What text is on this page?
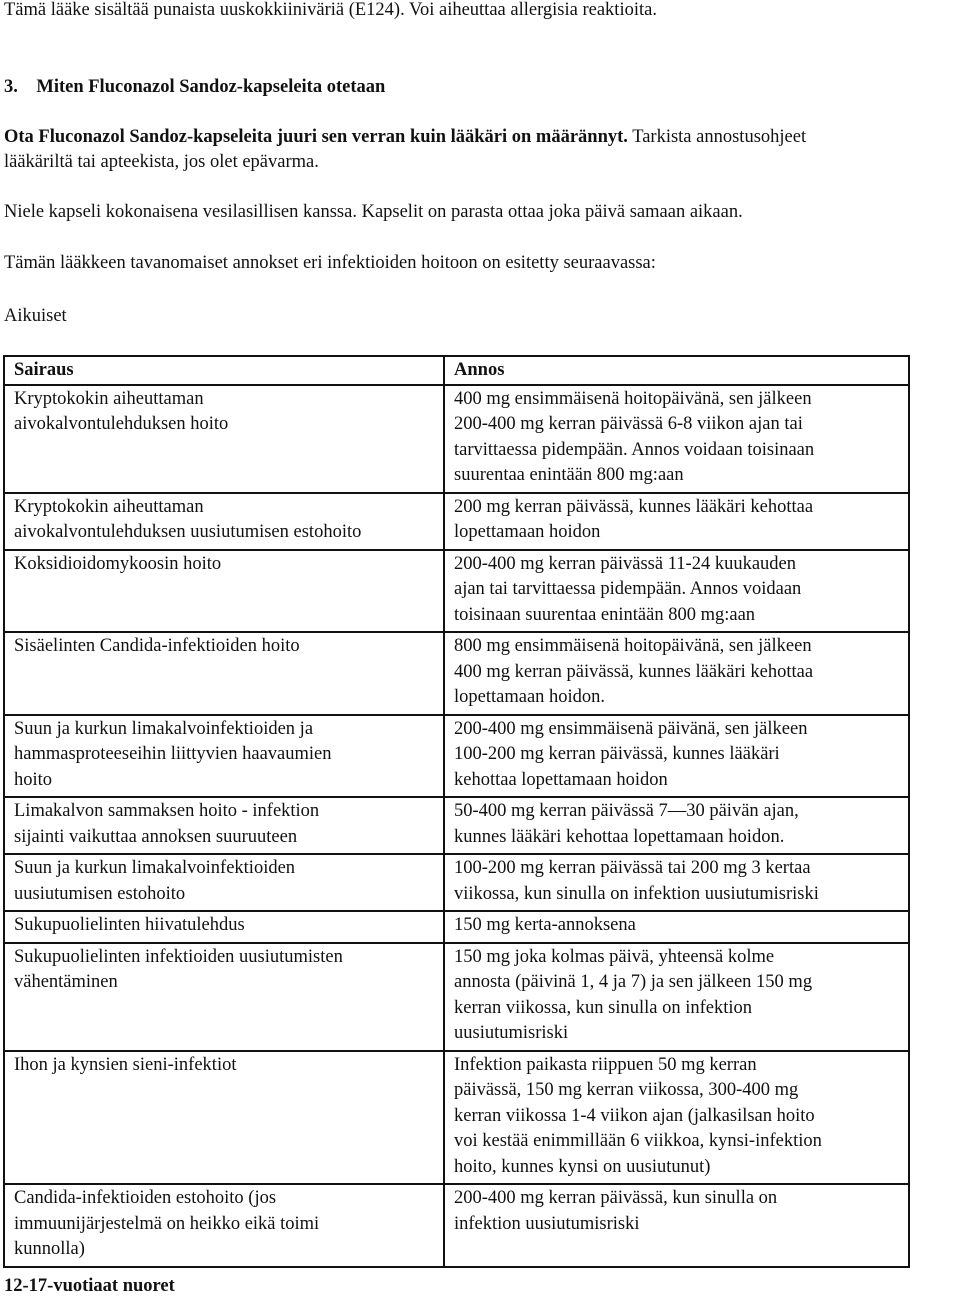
Tämä lääke sisältää punaista uuskokkiiniväriä (E124). Voi aiheuttaa allergisia reaktioita.
3.    Miten Fluconazol Sandoz-kapseleita otetaan
Ota Fluconazol Sandoz-kapseleita juuri sen verran kuin lääkäri on määrännyt. Tarkista annostusohjeet
lääkäriltä tai apteekista, jos olet epävarma.
Niele kapseli kokonaisena vesilasillisen kanssa. Kapselit on parasta ottaa joka päivä samaan aikaan.
Tämän lääkkeen tavanomaiset annokset eri infektioiden hoitoon on esitetty seuraavassa:
Aikuiset
Sairaus	Annos

Kryptokokin aiheuttaman
aivokalvontulehduksen hoito	400 mg ensimmäisenä hoitopäivänä, sen jälkeen
200-400 mg kerran päivässä 6-8 viikon ajan tai
tarvittaessa pidempään. Annos voidaan toisinaan
suurentaa enintään 800 mg:aan

Kryptokokin aiheuttaman
aivokalvontulehduksen uusiutumisen estohoito	200 mg kerran päivässä, kunnes lääkäri kehottaa
lopettamaan hoidon

Koksidioidomykoosin hoito	200-400 mg kerran päivässä 11-24 kuukauden
ajan tai tarvittaessa pidempään. Annos voidaan
toisinaan suurentaa enintään 800 mg:aan

Sisäelinten Candida-infektioiden hoito	800 mg ensimmäisenä hoitopäivänä, sen jälkeen
400 mg kerran päivässä, kunnes lääkäri kehottaa
lopettamaan hoidon.

Suun ja kurkun limakalvoinfektioiden ja
hammasproteeseihin liittyvien haavaumien
hoito	200-400 mg ensimmäisenä päivänä, sen jälkeen
100-200 mg kerran päivässä, kunnes lääkäri
kehottaa lopettamaan hoidon

Limakalvon sammaksen hoito - infektion
sijainti vaikuttaa annoksen suuruuteen	50-400 mg kerran päivässä 7—30 päivän ajan,
kunnes lääkäri kehottaa lopettamaan hoidon.

Suun ja kurkun limakalvoinfektioiden
uusiutumisen estohoito	100-200 mg kerran päivässä tai 200 mg 3 kertaa
viikossa, kun sinulla on infektion uusiutumisriski

Sukupuolielinten hiivatulehdus	150 mg kerta-annoksena

Sukupuolielinten infektioiden uusiutumisten
vähentäminen	150 mg joka kolmas päivä, yhteensä kolme
annosta (päivinä 1, 4 ja 7) ja sen jälkeen 150 mg
kerran viikossa, kun sinulla on infektion
uusiutumisriski

Ihon ja kynsien sieni-infektiot	Infektion paikasta riippuen 50 mg kerran
päivässä, 150 mg kerran viikossa, 300-400 mg
kerran viikossa 1-4 viikon ajan (jalkasilsan hoito
voi kestää enimmillään 6 viikkoa, kynsi-infektion
hoito, kunnes kynsi on uusiutunut)

Candida-infektioiden estohoito (jos
immuunijärjestelmä on heikko eikä toimi
kunnolla)	200-400 mg kerran päivässä, kun sinulla on
infektion uusiutumisriski
12-17-vuotiaat nuoret
